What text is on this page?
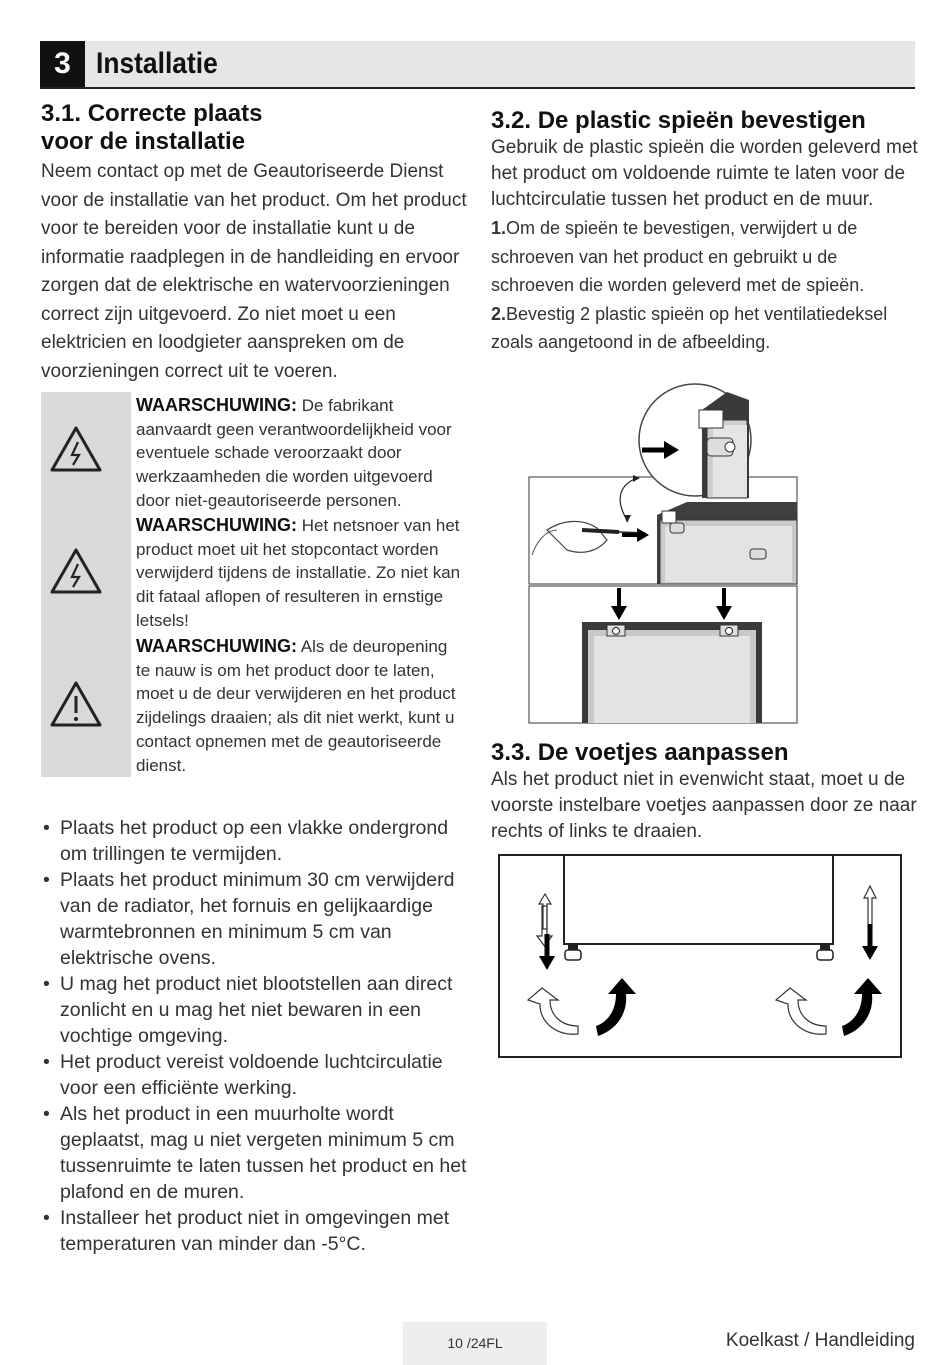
3 Installatie
3.1. Correcte plaats
voor de installatie
Neem contact op met de Geautoriseerde Dienst voor de installatie van het product. Om het product voor te bereiden voor de installatie kunt u de informatie raadplegen in de handleiding en ervoor zorgen dat de elektrische en watervoorzieningen correct zijn uitgevoerd. Zo niet moet u een elektricien en loodgieter aanspreken om de voorzieningen correct uit te voeren.
WAARSCHUWING: De fabrikant aanvaardt geen verantwoordelijkheid voor eventuele schade veroorzaakt door werkzaamheden die worden uitgevoerd door niet-geautoriseerde personen.
WAARSCHUWING: Het netsnoer van het product moet uit het stopcontact worden verwijderd tijdens de installatie. Zo niet kan dit fataal aflopen of resulteren in ernstige letsels!
WAARSCHUWING: Als de deuropening te nauw is om het product door te laten, moet u de deur verwijderen en het product zijdelings draaien; als dit niet werkt, kunt u contact opnemen met de geautoriseerde dienst.
• Plaats het product op een vlakke ondergrond om trillingen te vermijden.
• Plaats het product minimum 30 cm verwijderd van de radiator, het fornuis en gelijkaardige warmtebronnen en minimum 5 cm van elektrische ovens.
• U mag het product niet blootstellen aan direct zonlicht en u mag het niet bewaren in een vochtige omgeving.
• Het product vereist voldoende luchtcirculatie voor een efficiënte werking.
• Als het product in een muurholte wordt geplaatst, mag u niet vergeten minimum 5 cm tussenruimte te laten tussen het product en het plafond en de muren.
• Installeer het product niet in omgevingen met temperaturen van minder dan -5°C.
3.2. De plastic spieën bevestigen
Gebruik de plastic spieën die worden geleverd met het product om voldoende ruimte te laten voor de luchtcirculatie tussen het product en de muur.
1.Om de spieën te bevestigen, verwijdert u de schroeven van het product en gebruikt u de schroeven die worden geleverd met de spieën.
2.Bevestig 2 plastic spieën op het ventilatiedeksel zoals aangetoond in de afbeelding.
3.3. De voetjes aanpassen
Als het product niet in evenwicht staat, moet u de voorste instelbare voetjes aanpassen door ze naar rechts of links te draaien.
10 /24FL	Koelkast / Handleiding
